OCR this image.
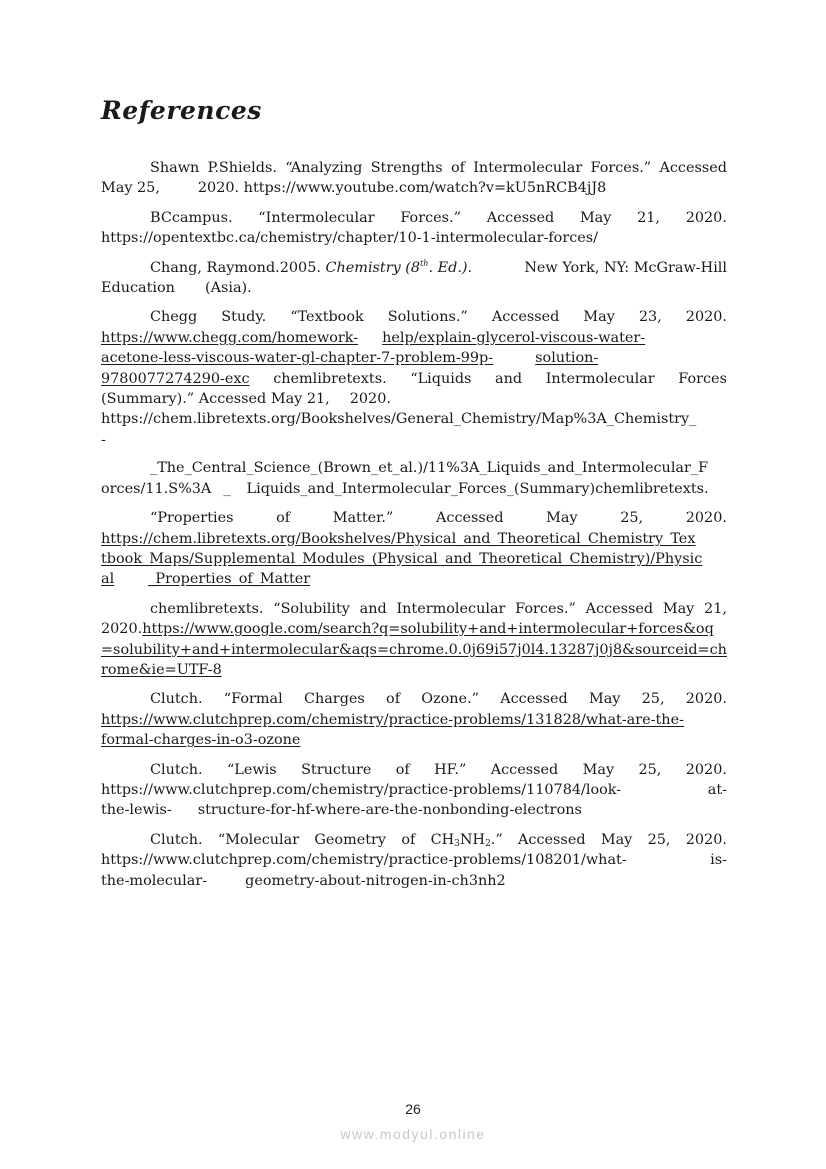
References
Shawn P.Shields. “Analyzing Strengths of Intermolecular Forces.” Accessed
May 25,	2020. https://www.youtube.com/watch?v=kU5nRCB4jJ8
BCcampus. “Intermolecular Forces.” Accessed May 21, 2020.
https://opentextbc.ca/chemistry/chapter/10-1-intermolecular-forces/
Chang, Raymond.2005. Chemistry (8th. Ed.).	New York, NY: McGraw-Hill
Education (Asia).
Chegg Study. “Textbook Solutions.” Accessed May 23, 2020.
https://www.chegg.com/homework- help/explain-glycerol-viscous-water-
acetone-less-viscous-water-gl-chapter-7-problem-99p-	solution-
9780077274290-exc chemlibretexts. “Liquids and Intermolecular Forces
(Summary).” Accessed May 21, 2020.
https://chem.libretexts.org/Bookshelves/General_Chemistry/Map%3A_Chemistry_
-
_The_Central_Science_(Brown_et_al.)/11%3A_Liquids_and_Intermolecular_F
orces/11.S%3A _ Liquids_and_Intermolecular_Forces_(Summary)chemlibretexts.
“Properties	of	Matter.”	Accessed	May	25,	2020.
https://chem.libretexts.org/Bookshelves/Physical_and_Theoretical_Chemistry_Tex
tbook_Maps/Supplemental_Modules_(Physical_and_Theoretical_Chemistry)/Physic
al _Properties_of_Matter
chemlibretexts. “Solubility and Intermolecular Forces.” Accessed May 21,
2020.https://www.google.com/search?q=solubility+and+intermolecular+forces&oq
=solubility+and+intermolecular&aqs=chrome.0.0j69i57j0l4.13287j0j8&sourceid=ch
rome&ie=UTF-8
Clutch. “Formal Charges of Ozone.” Accessed May 25, 2020.
https://www.clutchprep.com/chemistry/practice-problems/131828/what-are-the-
formal-charges-in-o3-ozone
Clutch. “Lewis Structure of HF.” Accessed May 25, 2020.
https://www.clutchprep.com/chemistry/practice-problems/110784/look-	at-
the-lewis- structure-for-hf-where-are-the-nonbonding-electrons
Clutch. “Molecular Geometry of $CH_3NH_2$.” Accessed May 25, 2020.
https://www.clutchprep.com/chemistry/practice-problems/108201/what-	is-
the-molecular-	geometry-about-nitrogen-in-ch3nh2
26
www.modyul.online
